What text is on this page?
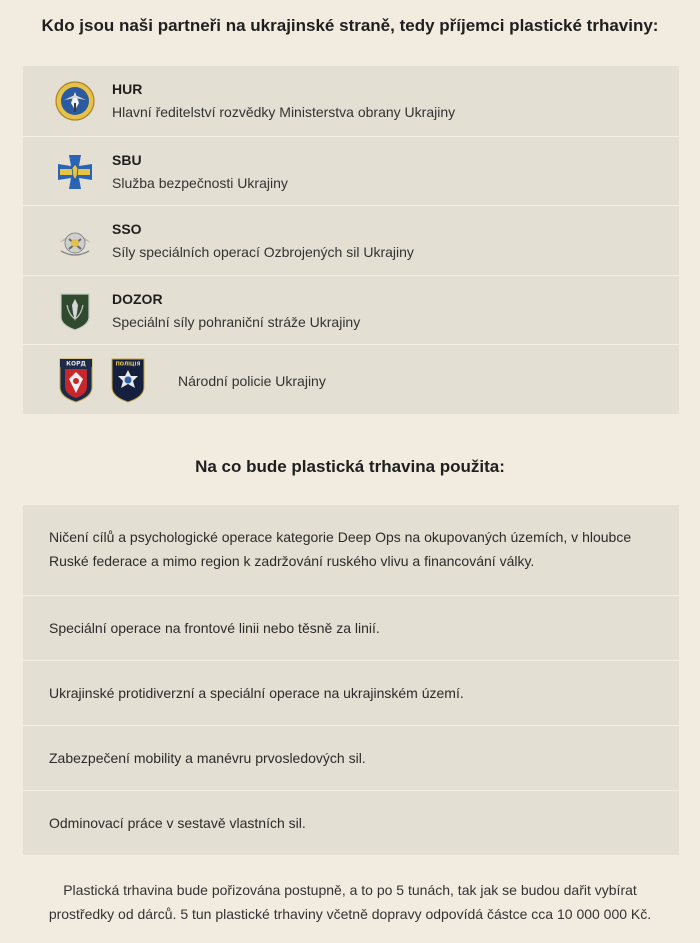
Kdo jsou naši partneři na ukrajinské straně, tedy příjemci plastické trhaviny:
HUR
Hlavní ředitelství rozvědky Ministerstva obrany Ukrajiny
SBU
Služba bezpečnosti Ukrajiny
SSO
Síly speciálních operací Ozbrojených sil Ukrajiny
DOZOR
Speciální síly pohraniční stráže Ukrajiny
КОРД	ПОЛІЦІЯ
Národní policie Ukrajiny
Na co bude plastická trhavina použita:
Ničení cílů a psychologické operace kategorie Deep Ops na okupovaných územích, v hloubce Ruské federace a mimo region k zadržování ruského vlivu a financování války.
Speciální operace na frontové linii nebo těsně za linií.
Ukrajinské protidiverzní a speciální operace na ukrajinském území.
Zabezpečení mobility a manévru prvosledových sil.
Odminovací práce v sestavě vlastních sil.
Plastická trhavina bude pořizována postupně, a to po 5 tunách, tak jak se budou dařit vybírat prostředky od dárců. 5 tun plastické trhaviny včetně dopravy odpovídá částce cca 10 000 000 Kč.
